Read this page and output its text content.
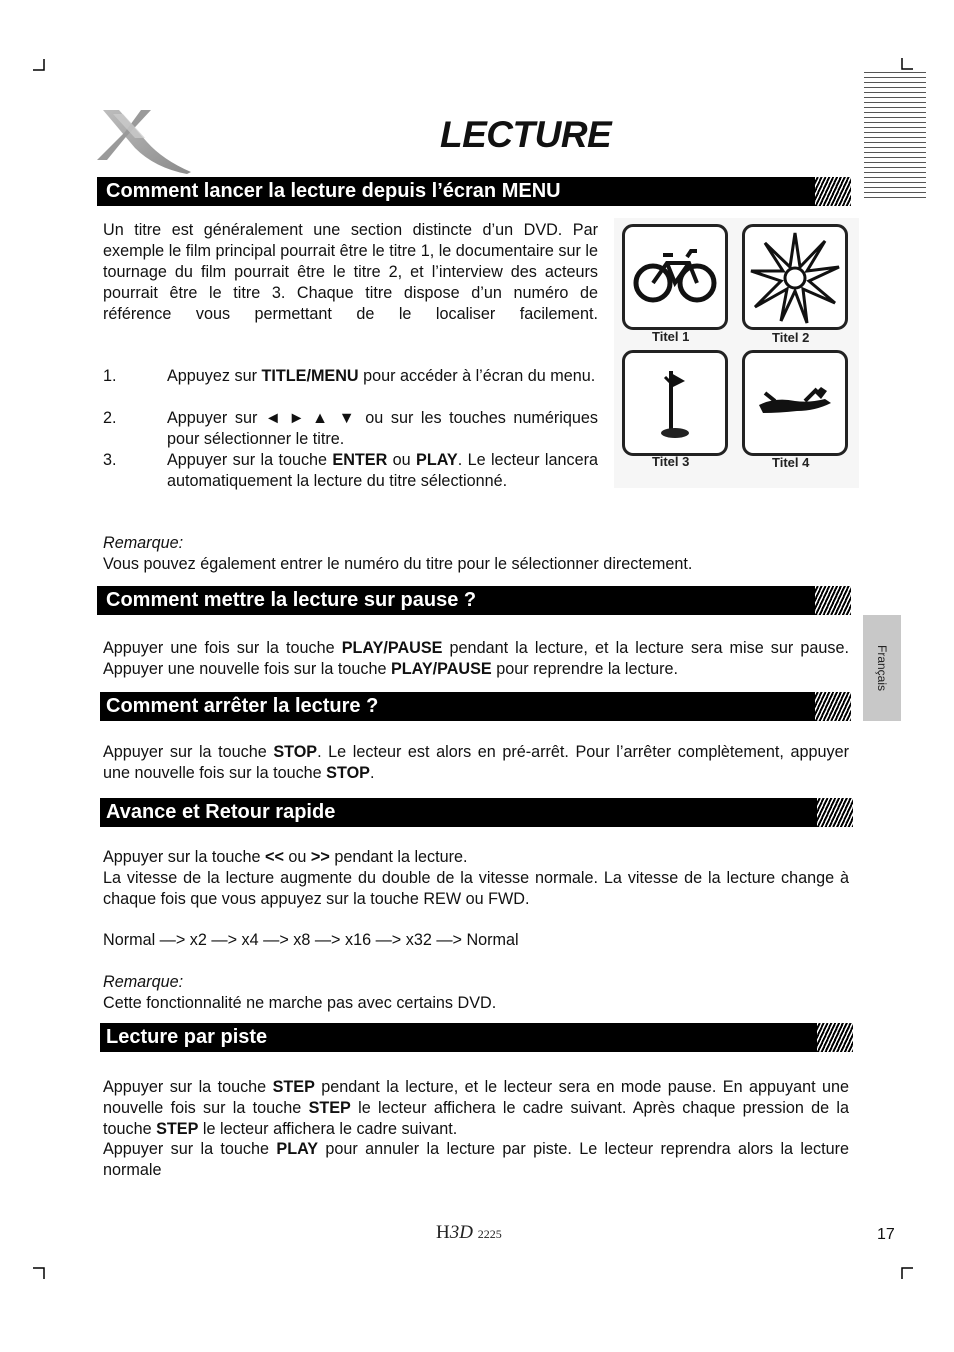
LECTURE
Comment lancer la lecture depuis l’écran MENU
Un titre est généralement une section distincte d’un DVD. Par exemple le film principal pourrait être le titre 1, le documentaire sur le tournage du film pourrait être le titre 2, et l’interview des acteurs pourrait être le titre 3. Chaque titre dispose d’un numéro de référence vous permettant de le localiser facilement.
1.	Appuyez sur TITLE/MENU pour accéder à l’écran du menu.
2.	Appuyer sur ◄ ► ▲ ▼ ou sur les touches numériques pour sélectionner le titre.
3.	Appuyer sur la touche ENTER ou PLAY. Le lecteur lancera automatiquement la lecture du titre sélectionné.
Titel 1	Titel 2
Titel 3	Titel 4
Remarque:
Vous pouvez également entrer le numéro du titre pour le sélectionner directement.
Comment mettre la lecture sur pause ?
Appuyer une fois sur la touche PLAY/PAUSE pendant la lecture, et la lecture sera mise sur pause. Appuyer une nouvelle fois sur la touche PLAY/PAUSE pour reprendre la lecture.
Comment arrêter la lecture ?
Appuyer sur la touche STOP. Le lecteur est alors en pré-arrêt. Pour l’arrêter complètement, appuyer une nouvelle fois sur la touche STOP.
Avance et Retour rapide
Appuyer sur la touche << ou >> pendant la lecture.
La vitesse de la lecture augmente du double de la vitesse normale. La vitesse de la lecture change à chaque fois que vous appuyez sur la touche REW ou FWD.
Normal —> x2 —> x4 —> x8 —> x16 —> x32 —> Normal
Remarque:
Cette fonctionnalité ne marche pas avec certains DVD.
Lecture par piste
Appuyer sur la touche STEP pendant la lecture, et le lecteur sera en mode pause. En appuyant une nouvelle fois sur la touche STEP le lecteur affichera le cadre suivant. Après chaque pression de la touche STEP le lecteur affichera le cadre suivant.
Appuyer sur la touche PLAY pour annuler la lecture par piste. Le lecteur reprendra alors la lecture normale
Français
H3D 2225	17
